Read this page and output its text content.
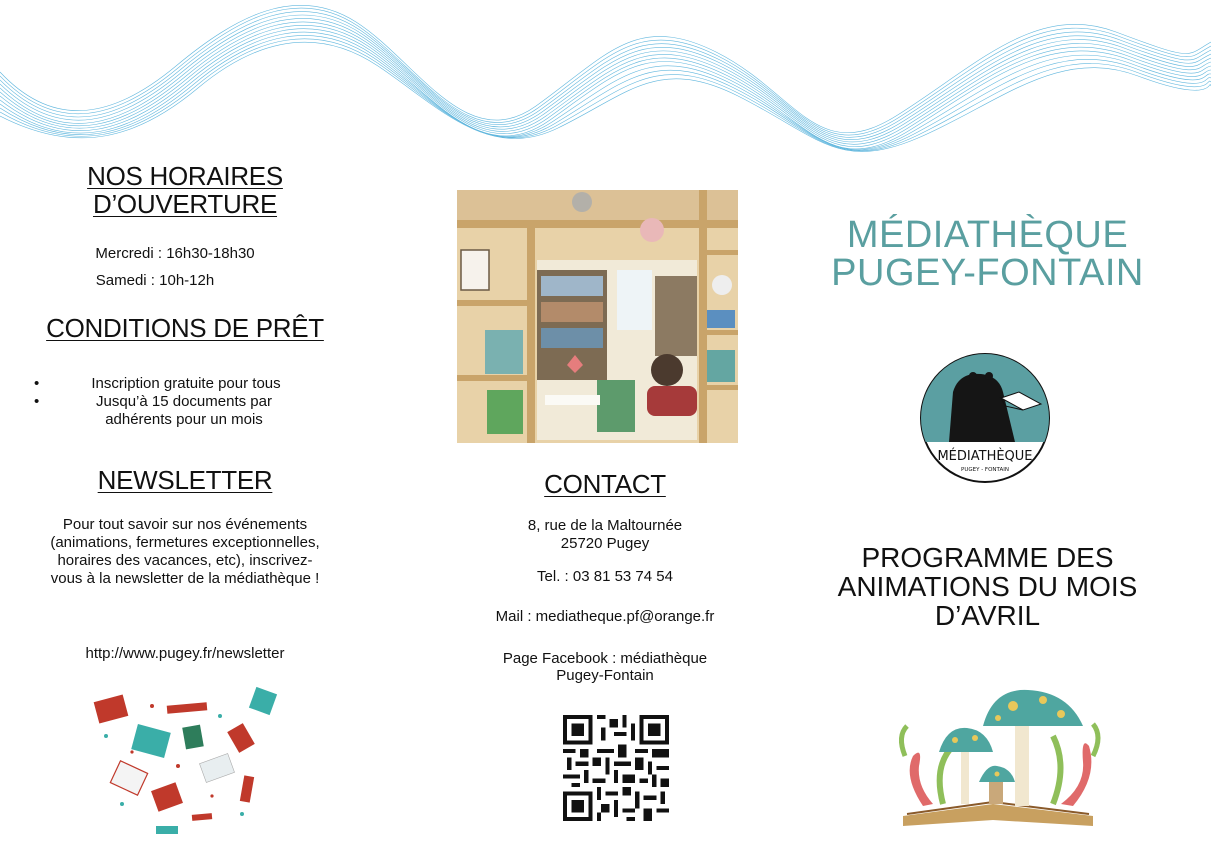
NOS HORAIRES
D’OUVERTURE
Mercredi : 16h30-18h30
Samedi : 10h-12h
CONDITIONS DE PRÊT
• Inscription gratuite pour tous
• Jusqu’à 15 documents par adhérents pour un mois
NEWSLETTER
Pour tout savoir sur nos événements (animations, fermetures exceptionnelles, horaires des vacances, etc), inscrivez-vous à la newsletter de la médiathèque !
http://www.pugey.fr/newsletter
CONTACT
8, rue de la Maltournée
25720 Pugey
Tel. : 03 81 53 74 54
Mail : mediatheque.pf@orange.fr
Page Facebook : médiathèque
Pugey-Fontain
MÉDIATHÈQUE
PUGEY-FONTAIN
PROGRAMME DES
ANIMATIONS DU MOIS
D’AVRIL
MÉDIATHÈQUE
PUGEY - FONTAIN
